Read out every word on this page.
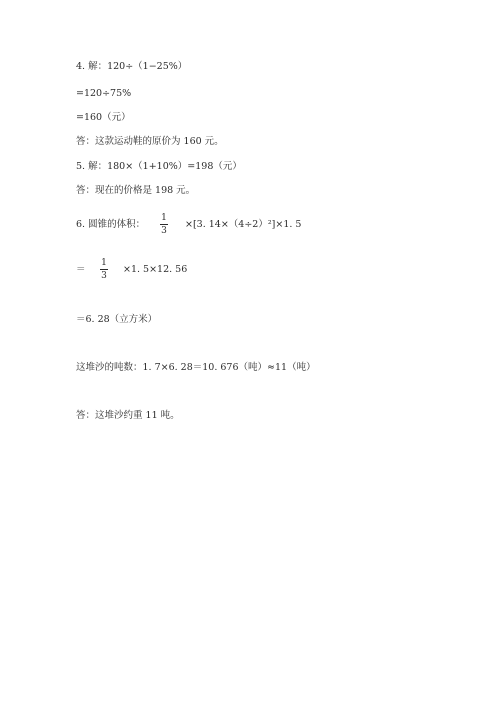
4. 解：120÷（1−25%）
=120÷75%
=160（元）
答：这款运动鞋的原价为 160 元。
5. 解：180×（1+10%）=198（元）
答：现在的价格是 198 元。
6. 圆锥的体积：
1
3
×[3. 14×（4÷2）²]×1. 5
＝
1
3
×1. 5×12. 56
＝6. 28（立方米）
这堆沙的吨数：1. 7×6. 28＝10. 676（吨）≈11（吨）
答：这堆沙约重 11 吨。
